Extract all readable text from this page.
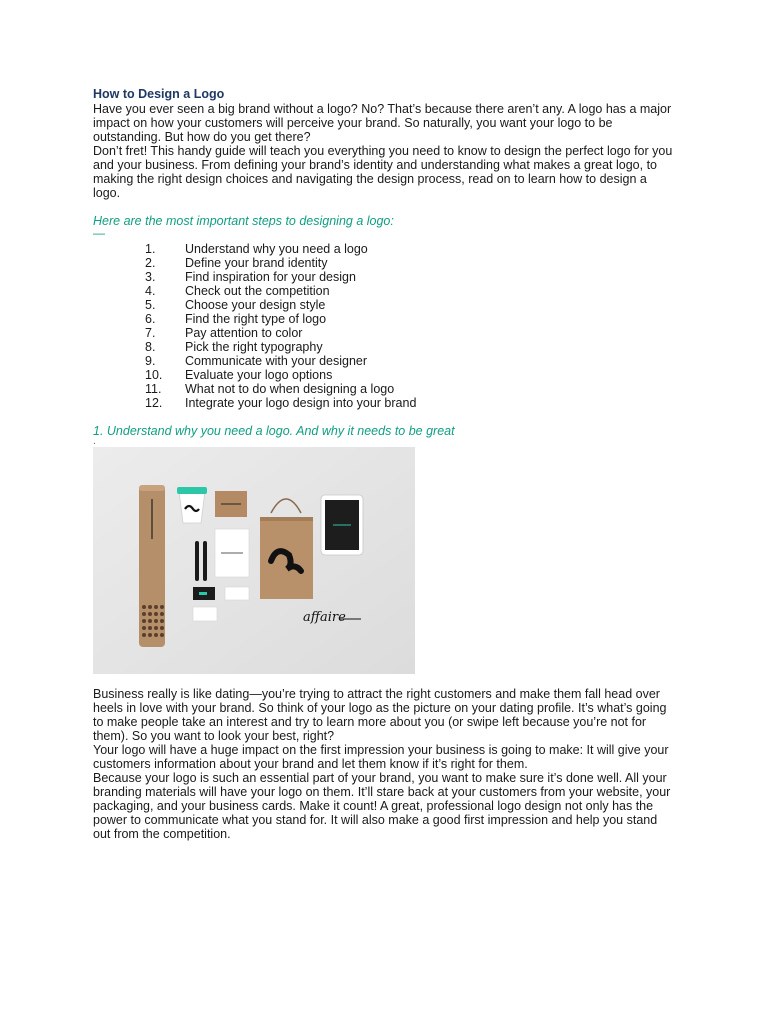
How to Design a Logo

Have you ever seen a big brand without a logo? No? That’s because there aren’t any. A logo has a major impact on how your customers will perceive your brand. So naturally, you want your logo to be outstanding. But how do you get there?

Don’t fret! This handy guide will teach you everything you need to know to design the perfect logo for you and your business. From defining your brand’s identity and understanding what makes a great logo, to making the right design choices and navigating the design process, read on to learn how to design a logo.

Here are the most important steps to designing a logo:

—

1.	Understand why you need a logo
2.	Define your brand identity
3.	Find inspiration for your design
4.	Check out the competition
5.	Choose your design style
6.	Find the right type of logo
7.	Pay attention to color
8.	Pick the right typography
9.	Communicate with your designer
10.	Evaluate your logo options
11.	What not to do when designing a logo
12.	Integrate your logo design into your brand

1. Understand why you need a logo. And why it needs to be great

.

affaire

Business really is like dating—you’re trying to attract the right customers and make them fall head over heels in love with your brand. So think of your logo as the picture on your dating profile. It’s what’s going to make people take an interest and try to learn more about you (or swipe left because you’re not for them). So you want to look your best, right?

Your logo will have a huge impact on the first impression your business is going to make: It will give your customers information about your brand and let them know if it’s right for them.

Because your logo is such an essential part of your brand, you want to make sure it’s done well. All your branding materials will have your logo on them. It’ll stare back at your customers from your website, your packaging, and your business cards. Make it count! A great, professional logo design not only has the power to communicate what you stand for. It will also make a good first impression and help you stand out from the competition.
